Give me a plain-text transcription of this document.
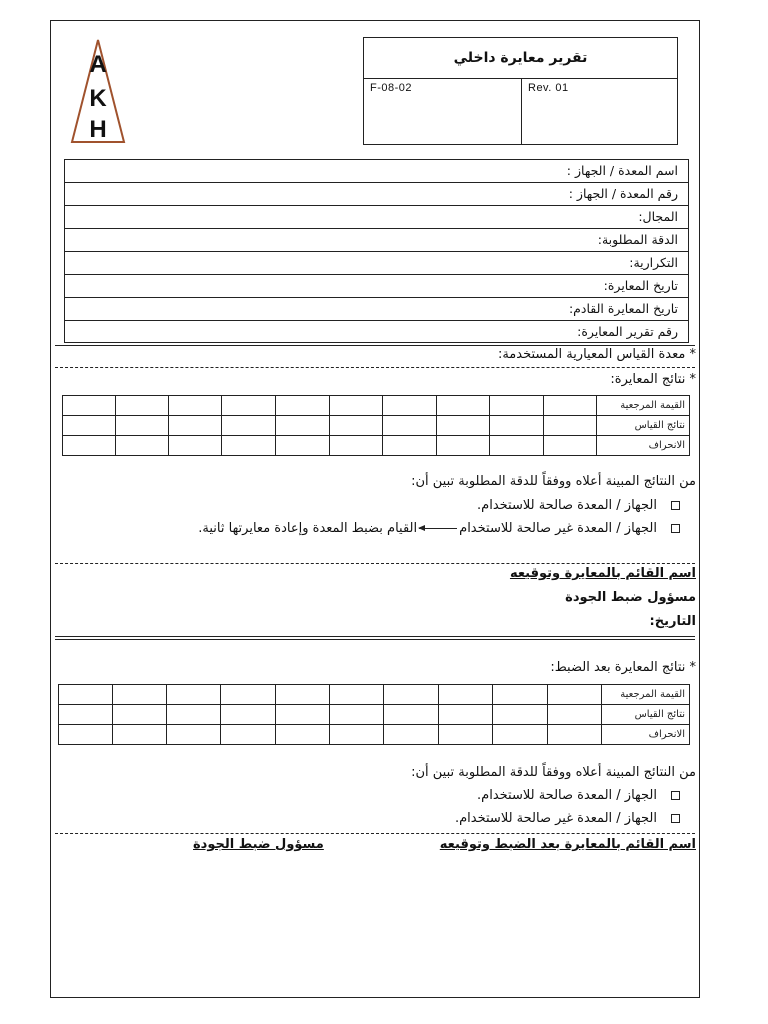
A
K
H
تقرير معايرة داخلي
F-08-02	Rev. 01
اسم المعدة / الجهاز :
رقم المعدة / الجهاز :
المجال:
الدقة المطلوبة:
التكرارية:
تاريخ المعايرة:
تاريخ المعايرة القادم:
رقم تقرير المعايرة:
* معدة القياس المعيارية المستخدمة:
* نتائج المعايرة:
										القيمة المرجعية
										نتائج القياس
										الانحراف
من النتائج المبينة أعلاه ووفقاً للدقة المطلوبة تبين أن:
الجهاز / المعدة صالحة للاستخدام.
الجهاز / المعدة غير صالحة للاستخدامالقيام بضبط المعدة وإعادة معايرتها ثانية.
اسم القائم بالمعايرة وتوقيعه
مسؤول ضبط الجودة
التاريخ:
* نتائج المعايرة بعد الضبط:
										القيمة المرجعية
										نتائج القياس
										الانحراف
من النتائج المبينة أعلاه ووفقاً للدقة المطلوبة تبين أن:
الجهاز / المعدة صالحة للاستخدام.
الجهاز / المعدة غير صالحة للاستخدام.
اسم القائم بالمعايرة بعد الضبط وتوقيعه
مسؤول ضبط الجودة
